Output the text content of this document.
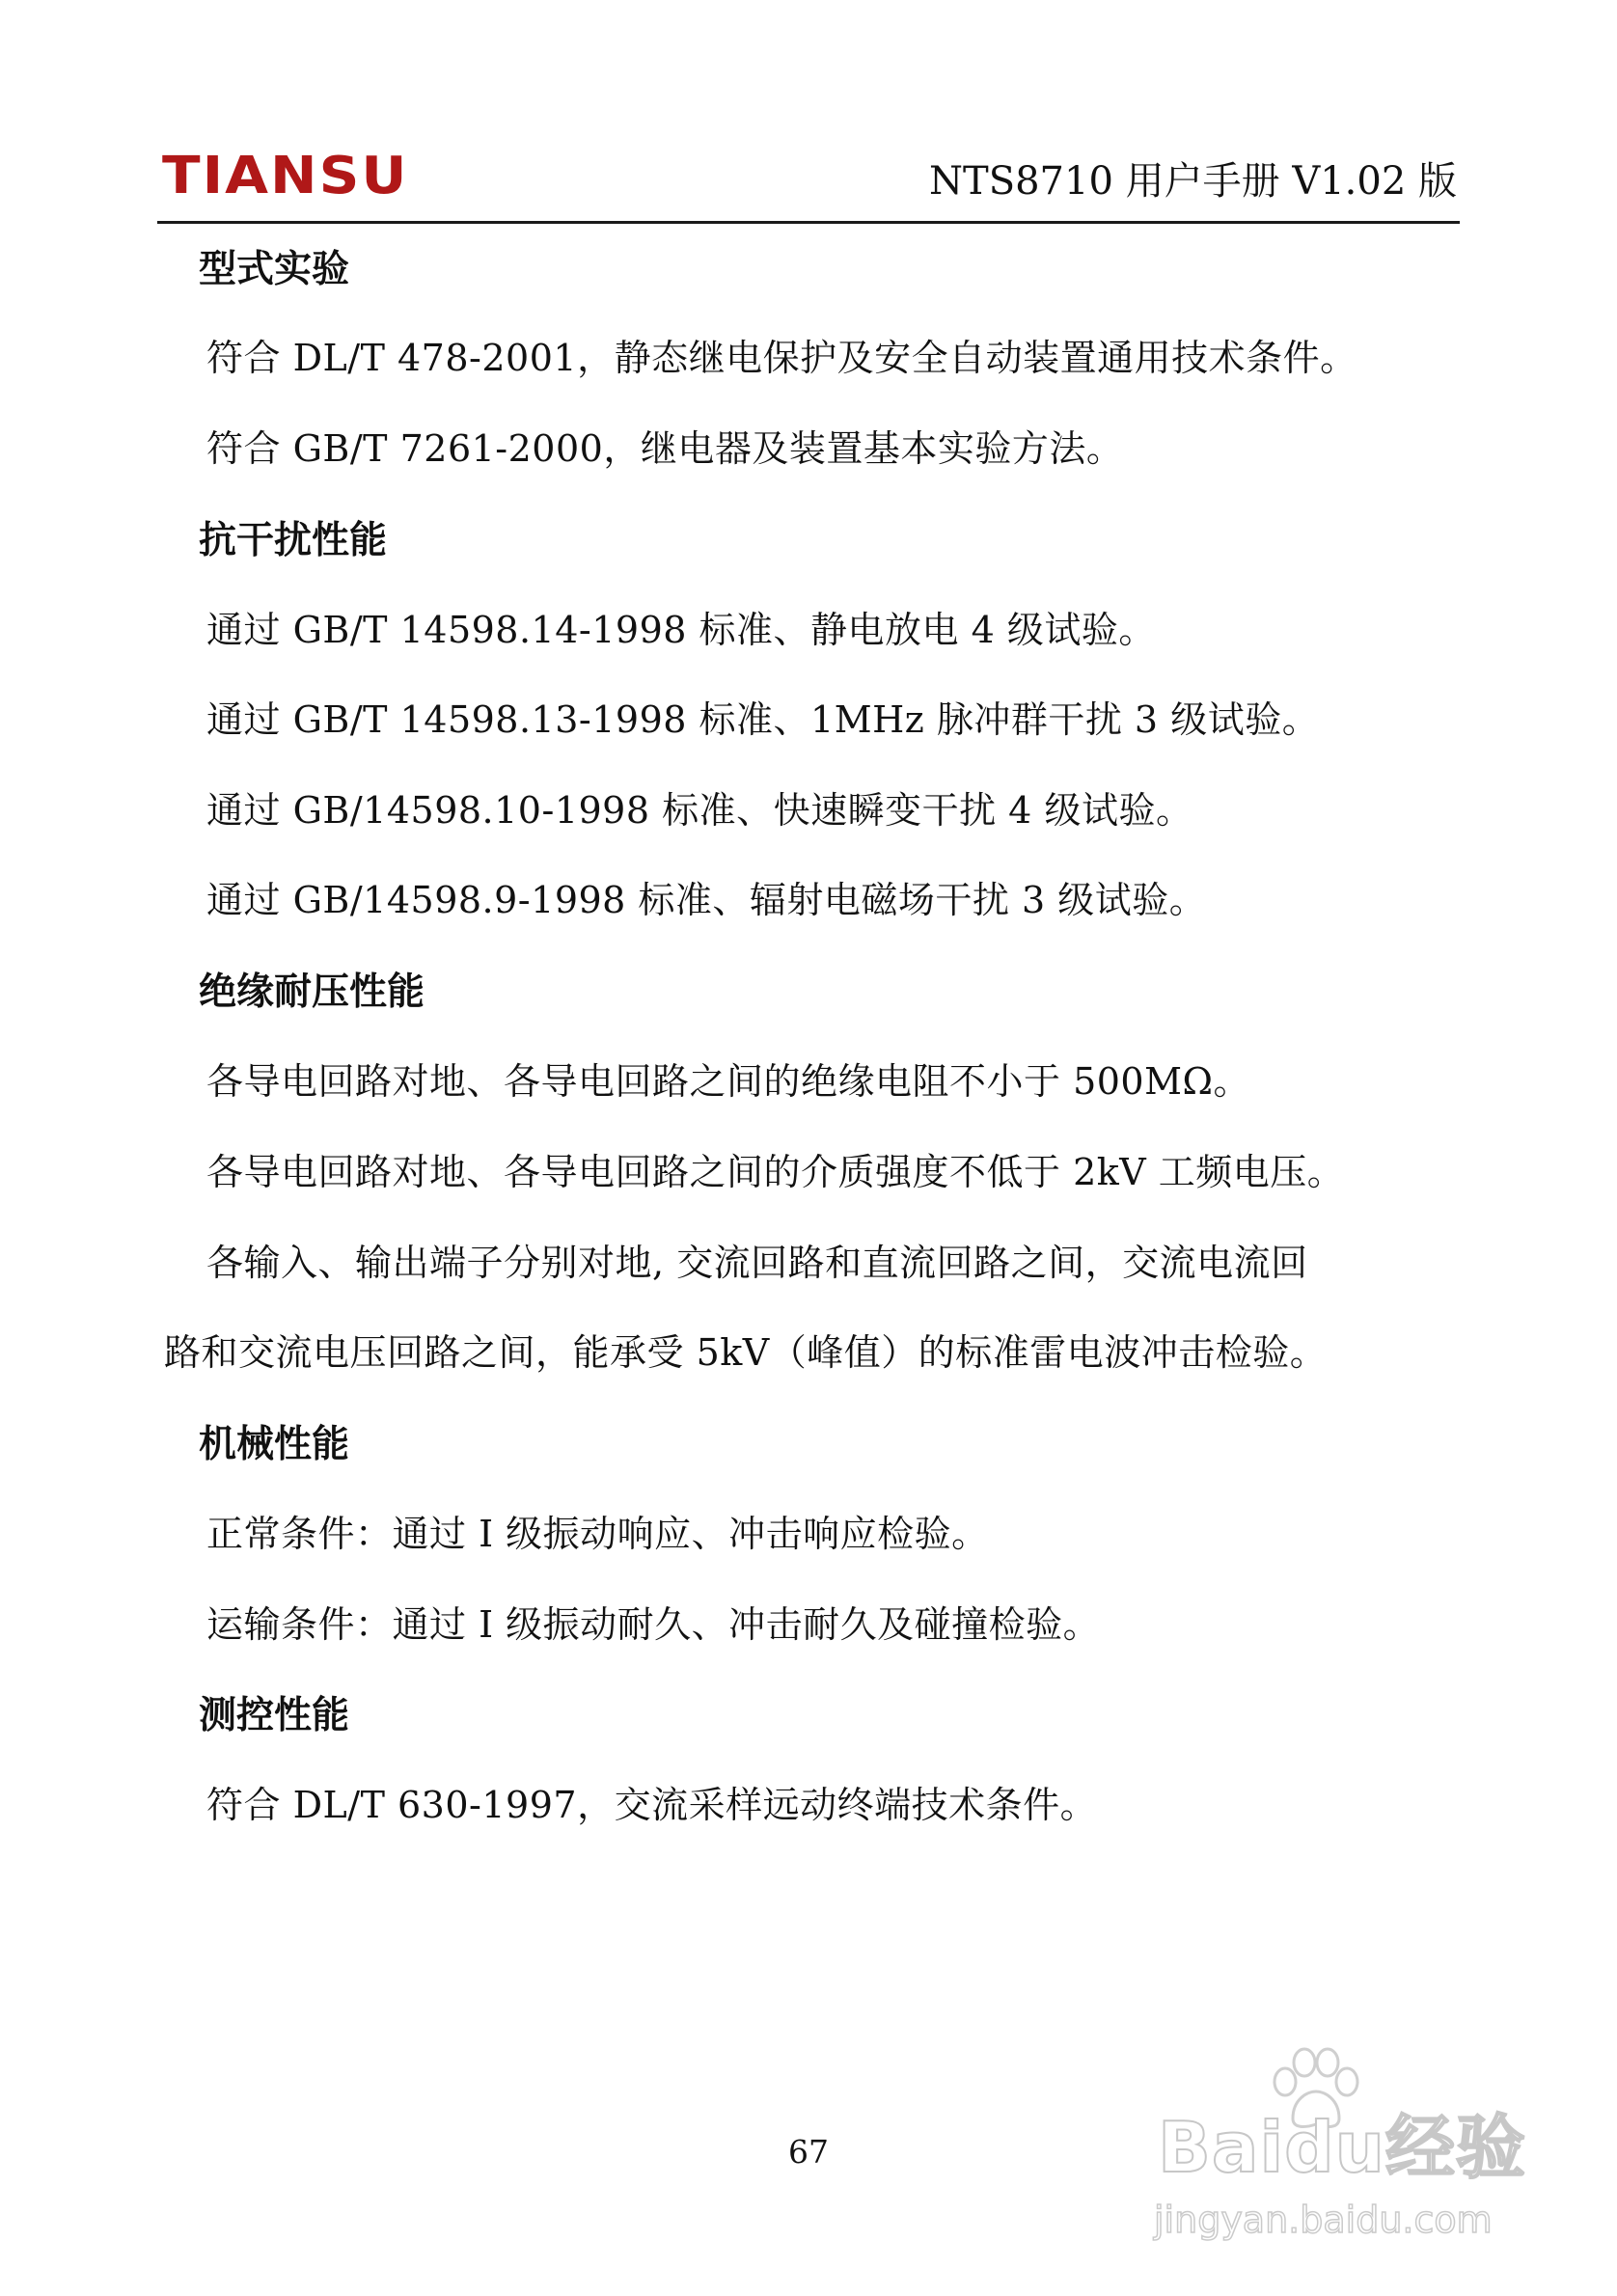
TIANSU	NTS8710 用户手册 V1.02 版
型式实验
符合 DL/T 478-2001，静态继电保护及安全自动装置通用技术条件。
符合 GB/T 7261-2000，继电器及装置基本实验方法。
抗干扰性能
通过 GB/T 14598.14-1998 标准、静电放电 4 级试验。
通过 GB/T 14598.13-1998 标准、1MHz 脉冲群干扰 3 级试验。
通过 GB/14598.10-1998 标准、快速瞬变干扰 4 级试验。
通过 GB/14598.9-1998 标准、辐射电磁场干扰 3 级试验。
绝缘耐压性能
各导电回路对地、各导电回路之间的绝缘电阻不小于 500MΩ。
各导电回路对地、各导电回路之间的介质强度不低于 2kV 工频电压。
各输入、输出端子分别对地, 交流回路和直流回路之间，交流电流回
路和交流电压回路之间，能承受 5kV（峰值）的标准雷电波冲击检验。
机械性能
正常条件：通过 I 级振动响应、冲击响应检验。
运输条件：通过 I 级振动耐久、冲击耐久及碰撞检验。
测控性能
符合 DL/T 630-1997，交流采样远动终端技术条件。
67	Baidu经验
jingyan.baidu.com
